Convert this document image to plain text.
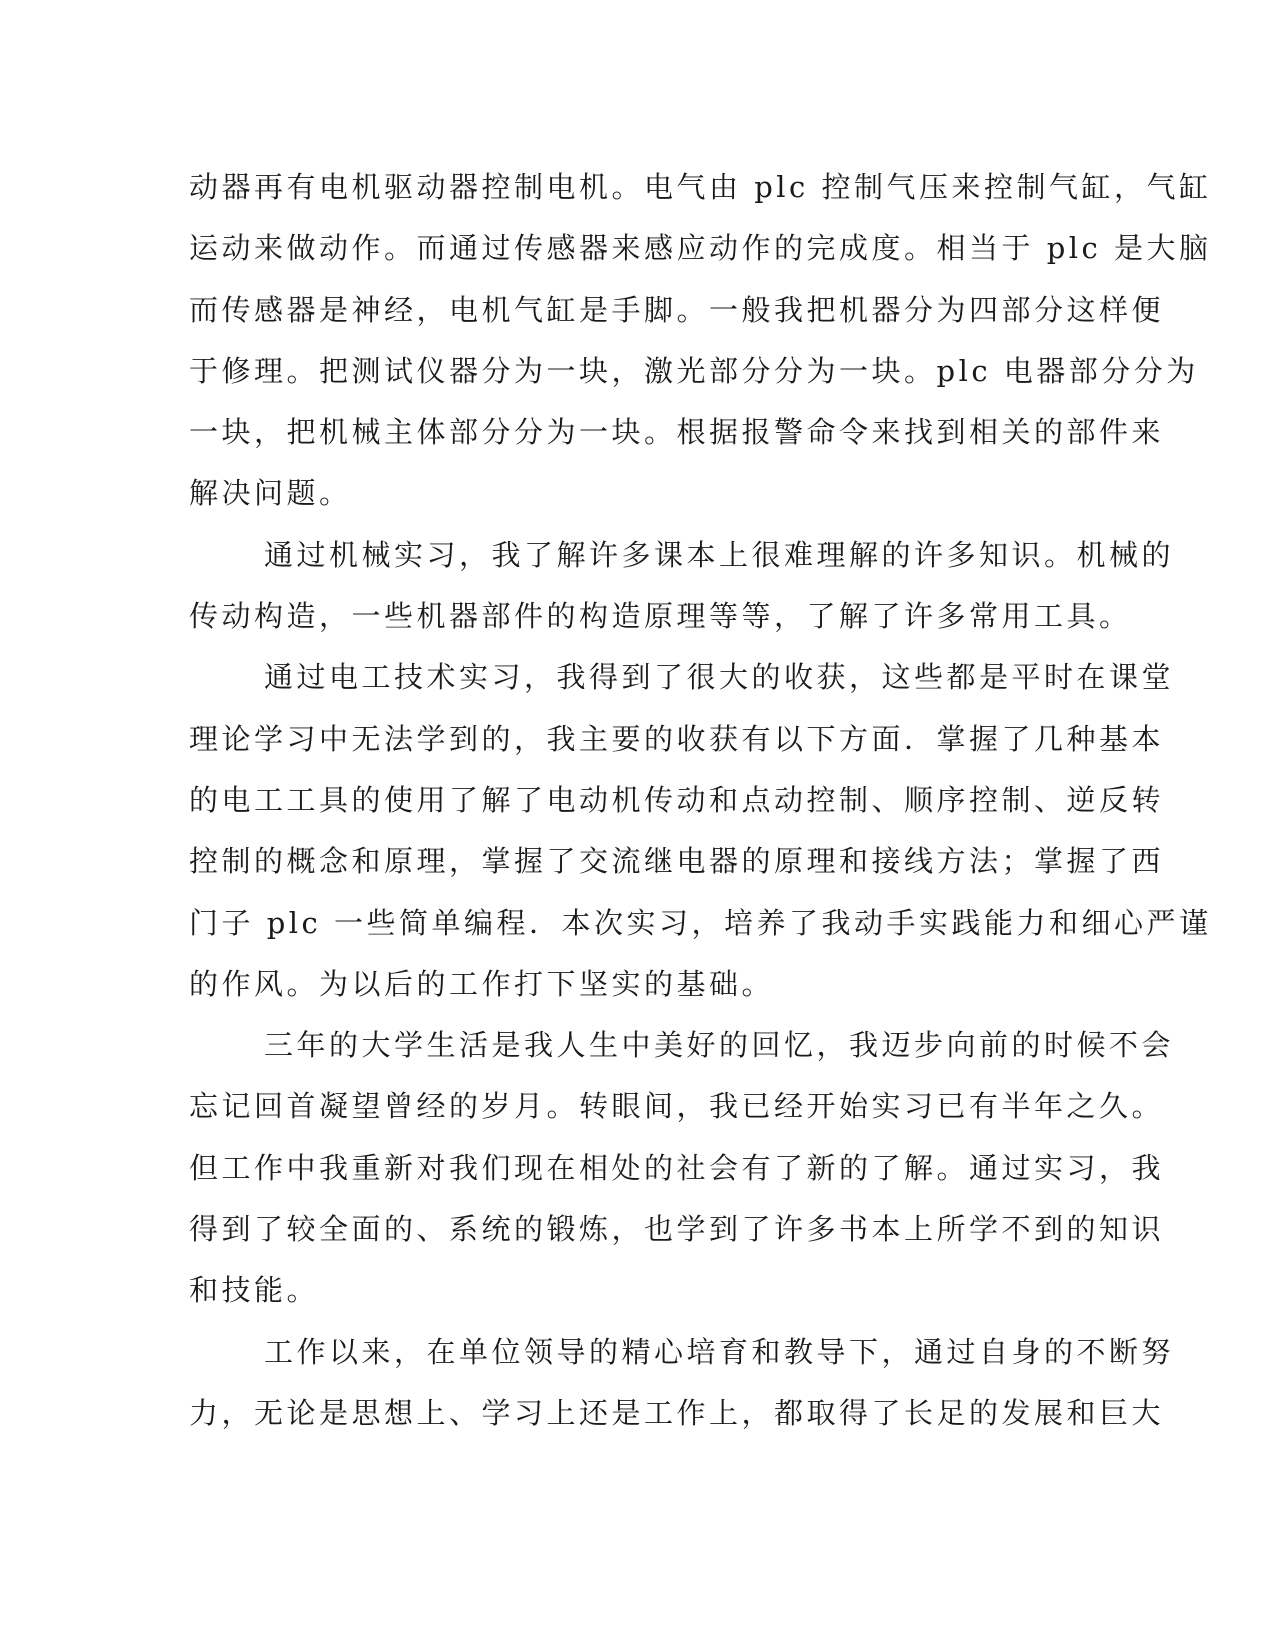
动器再有电机驱动器控制电机。电气由 plc 控制气压来控制气缸，气缸
运动来做动作。而通过传感器来感应动作的完成度。相当于 plc 是大脑
而传感器是神经，电机气缸是手脚。一般我把机器分为四部分这样便
于修理。把测试仪器分为一块，激光部分分为一块。plc 电器部分分为
一块，把机械主体部分分为一块。根据报警命令来找到相关的部件来
解决问题。
通过机械实习，我了解许多课本上很难理解的许多知识。机械的
传动构造，一些机器部件的构造原理等等，了解了许多常用工具。
通过电工技术实习，我得到了很大的收获，这些都是平时在课堂
理论学习中无法学到的，我主要的收获有以下方面．掌握了几种基本
的电工工具的使用了解了电动机传动和点动控制、顺序控制、逆反转
控制的概念和原理，掌握了交流继电器的原理和接线方法；掌握了西
门子 plc 一些简单编程．本次实习，培养了我动手实践能力和细心严谨
的作风。为以后的工作打下坚实的基础。
三年的大学生活是我人生中美好的回忆，我迈步向前的时候不会
忘记回首凝望曾经的岁月。转眼间，我已经开始实习已有半年之久。
但工作中我重新对我们现在相处的社会有了新的了解。通过实习，我
得到了较全面的、系统的锻炼，也学到了许多书本上所学不到的知识
和技能。
工作以来，在单位领导的精心培育和教导下，通过自身的不断努
力，无论是思想上、学习上还是工作上，都取得了长足的发展和巨大
